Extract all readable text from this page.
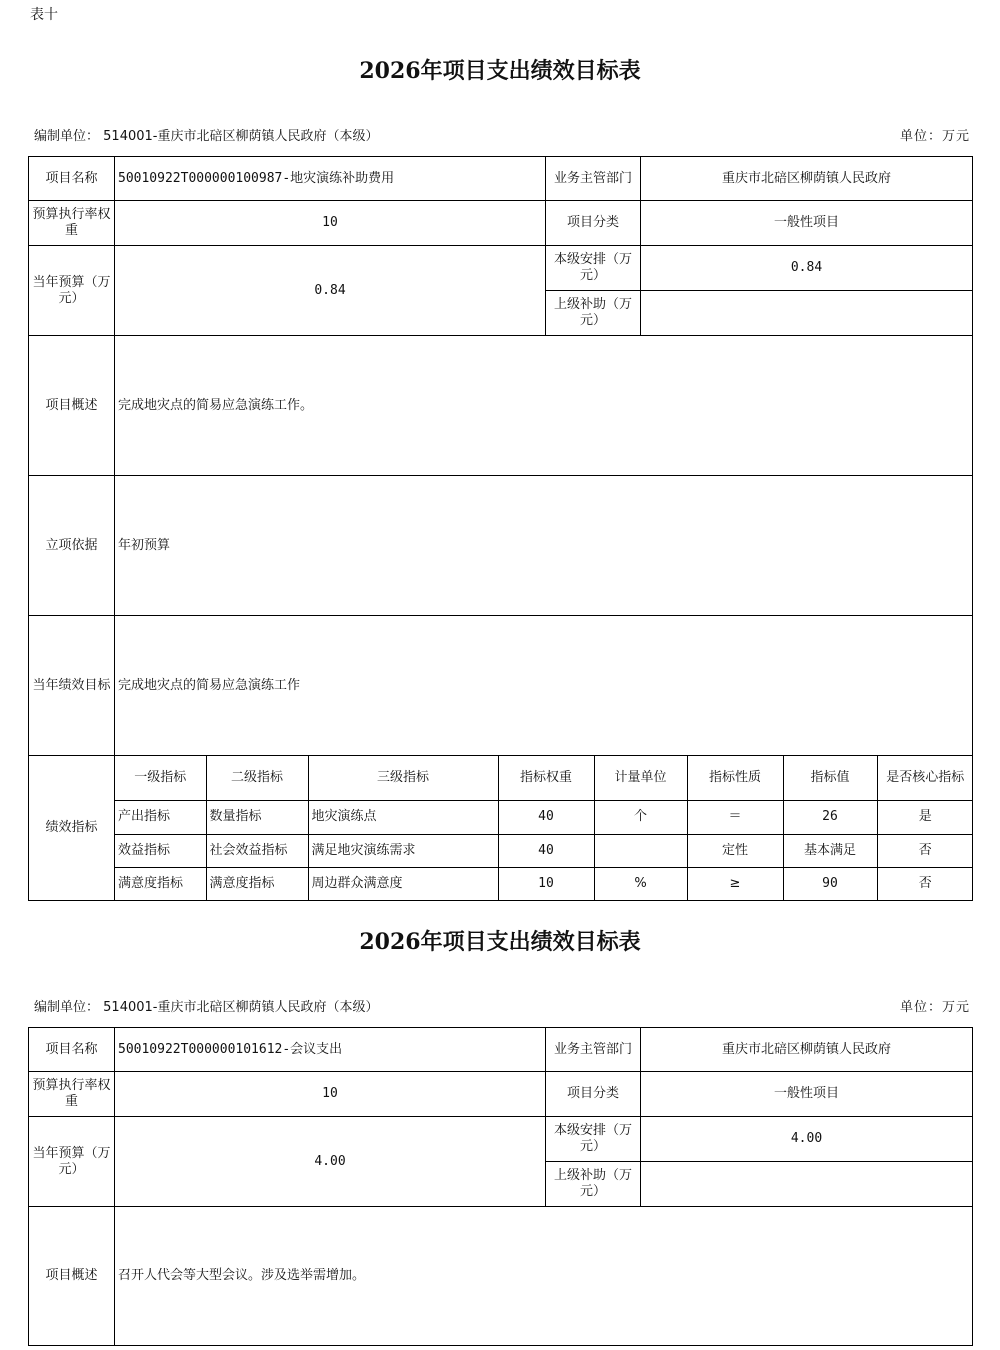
表十
2026年项目支出绩效目标表
编制单位： 514001-重庆市北碚区柳荫镇人民政府（本级）	单位：万元
项目名称	50010922T000000100987-地灾演练补助费用	业务主管部门	重庆市北碚区柳荫镇人民政府
预算执行率权重	10	项目分类	一般性项目
当年预算（万元）	0.84	本级安排（万元）	0.84
上级补助（万元）	
项目概述	完成地灾点的简易应急演练工作。
立项依据	年初预算
当年绩效目标	完成地灾点的简易应急演练工作
绩效指标	
一级指标	二级指标	三级指标	指标权重	计量单位	指标性质	指标值	是否核心指标
产出指标	数量指标	地灾演练点	40	个	＝	26	是
效益指标	社会效益指标	满足地灾演练需求	40		定性	基本满足	否
满意度指标	满意度指标	周边群众满意度	10	%	≥	90	否
2026年项目支出绩效目标表
编制单位： 514001-重庆市北碚区柳荫镇人民政府（本级）	单位：万元
项目名称	50010922T000000101612-会议支出	业务主管部门	重庆市北碚区柳荫镇人民政府
预算执行率权重	10	项目分类	一般性项目
当年预算（万元）	4.00	本级安排（万元）	4.00
		上级补助（万元）	
项目概述	召开人代会等大型会议。涉及选举需增加。		
